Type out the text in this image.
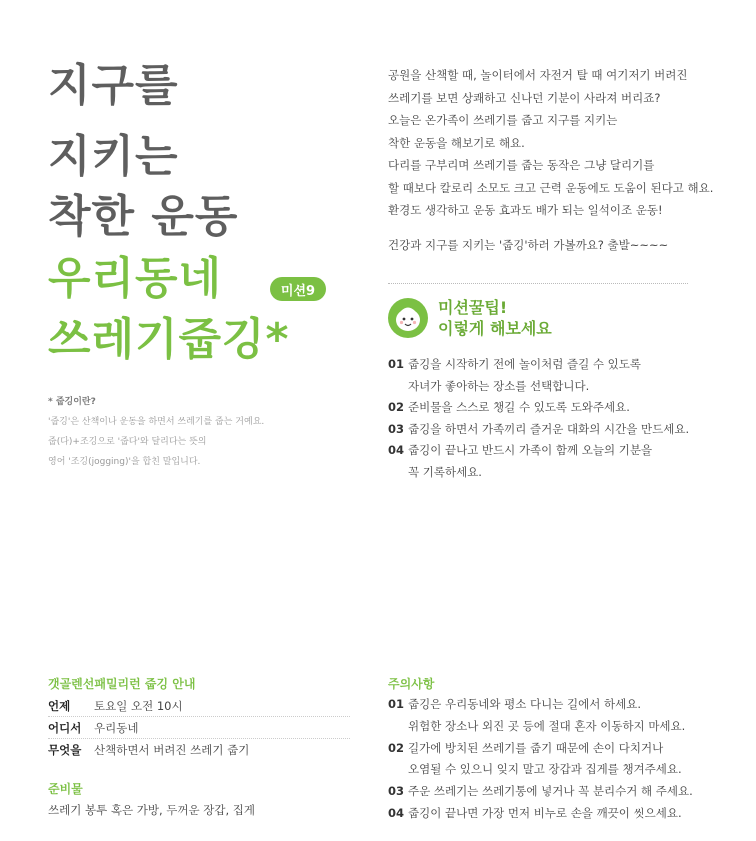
지구를
지키는
착한 운동
우리동네
쓰레기줍깅*
미션9
* 줍깅이란?
'줍깅'은 산책이나 운동을 하면서 쓰레기를 줍는 거예요.
줍(다)+조깅으로 '줍다'와 달리다는 뜻의
영어 '조깅(jogging)'을 합친 말입니다.
공원을 산책할 때, 놀이터에서 자전거 탈 때 여기저기 버려진
쓰레기를 보면 상쾌하고 신나던 기분이 사라져 버리죠?
오늘은 온가족이 쓰레기를 줍고 지구를 지키는
착한 운동을 해보기로 해요.
다리를 구부리며 쓰레기를 줍는 동작은 그냥 달리기를
할 때보다 칼로리 소모도 크고 근력 운동에도 도움이 된다고 해요.
환경도 생각하고 운동 효과도 배가 되는 일석이조 운동!
건강과 지구를 지키는 '줍깅'하러 가볼까요? 출발~~~~
미션꿀팁!
이렇게 해보세요
01 줍깅을 시작하기 전에 놀이처럼 즐길 수 있도록
자녀가 좋아하는 장소를 선택합니다.
02 준비물을 스스로 챙길 수 있도록 도와주세요.
03 줍깅을 하면서 가족끼리 즐거운 대화의 시간을 만드세요.
04 줍깅이 끝나고 반드시 가족이 함께 오늘의 기분을
꼭 기록하세요.
갯골렌선패밀리런 줍깅 안내
언제 토요일 오전 10시
어디서 우리동네
무엇을 산책하면서 버려진 쓰레기 줍기
준비물
쓰레기 봉투 혹은 가방, 두꺼운 장갑, 집게
주의사항
01 줍깅은 우리동네와 평소 다니는 길에서 하세요.
위험한 장소나 외진 곳 등에 절대 혼자 이동하지 마세요.
02 길가에 방치된 쓰레기를 줍기 때문에 손이 다치거나
오염될 수 있으니 잊지 말고 장갑과 집게를 챙겨주세요.
03 주운 쓰레기는 쓰레기통에 넣거나 꼭 분리수거 해 주세요.
04 줍깅이 끝나면 가장 먼저 비누로 손을 깨끗이 씻으세요.
